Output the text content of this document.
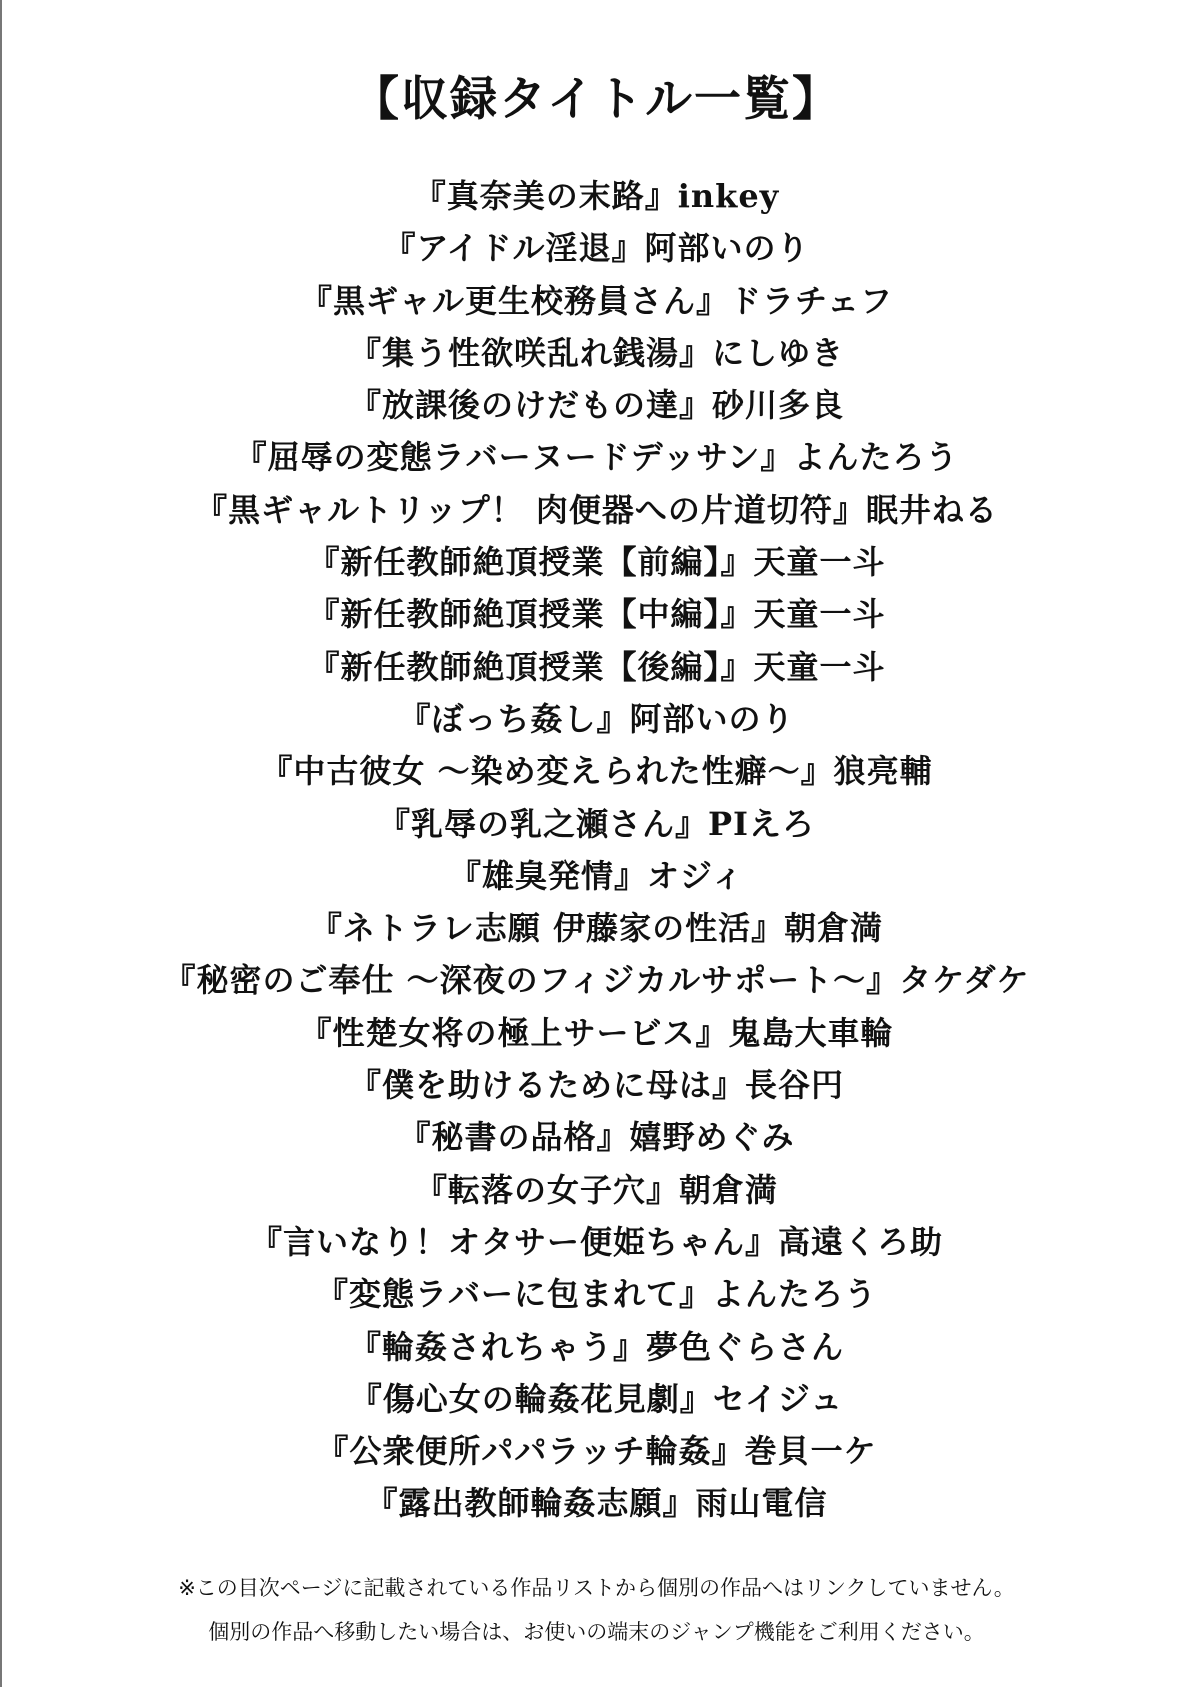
【収録タイトル一覧】
『真奈美の末路』inkey
『アイドル淫退』阿部いのり
『黒ギャル更生校務員さん』ドラチェフ
『集う性欲咲乱れ銭湯』にしゆき
『放課後のけだもの達』砂川多良
『屈辱の変態ラバーヌードデッサン』よんたろう
『黒ギャルトリップ！ 肉便器への片道切符』眠井ねる
『新任教師絶頂授業【前編】』天童一斗
『新任教師絶頂授業【中編】』天童一斗
『新任教師絶頂授業【後編】』天童一斗
『ぼっち姦し』阿部いのり
『中古彼女 ～染め変えられた性癖～』狼亮輔
『乳辱の乳之瀬さん』PIえろ
『雄臭発情』オジィ
『ネトラレ志願 伊藤家の性活』朝倉満
『秘密のご奉仕 ～深夜のフィジカルサポート～』タケダケ
『性楚女将の極上サービス』鬼島大車輪
『僕を助けるために母は』長谷円
『秘書の品格』嬉野めぐみ
『転落の女子穴』朝倉満
『言いなり！オタサー便姫ちゃん』高遠くろ助
『変態ラバーに包まれて』よんたろう
『輪姦されちゃう』夢色ぐらさん
『傷心女の輪姦花見劇』セイジュ
『公衆便所パパラッチ輪姦』巻貝一ケ
『露出教師輪姦志願』雨山電信
※この目次ページに記載されている作品リストから個別の作品へはリンクしていません。
個別の作品へ移動したい場合は、お使いの端末のジャンプ機能をご利用ください。
